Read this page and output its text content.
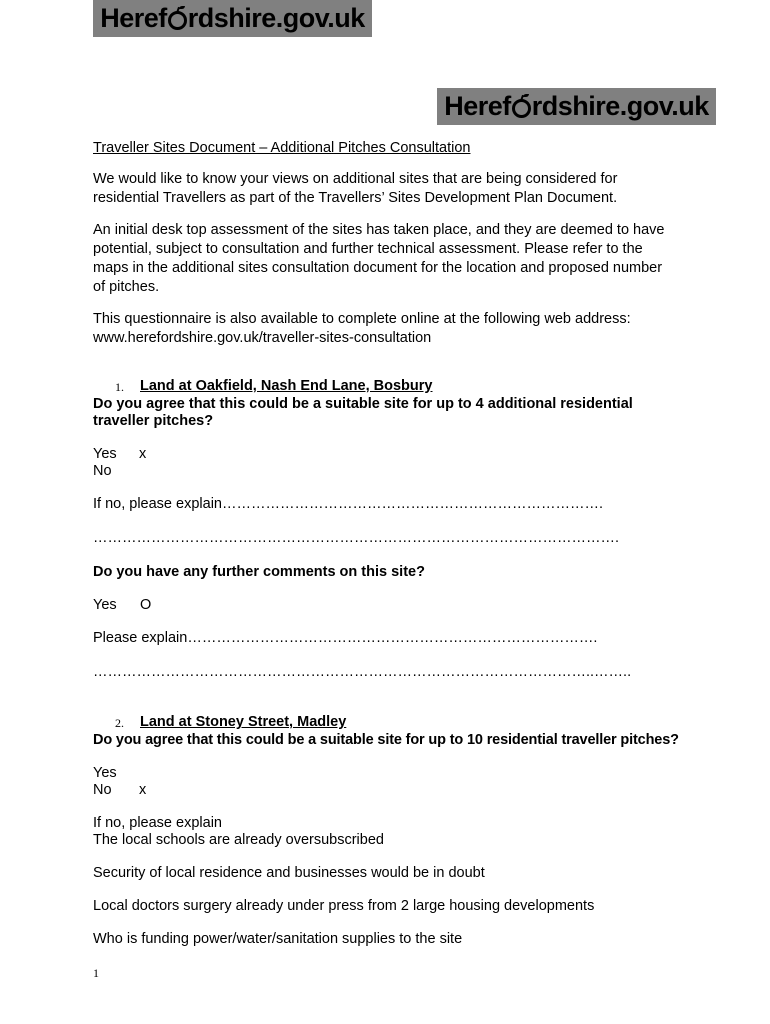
Heref rdshire.gov.uk
Heref rdshire.gov.uk
Traveller Sites Document – Additional Pitches Consultation
We would like to know your views on additional sites that are being considered for
residential Travellers as part of the Travellers’ Sites Development Plan Document.
An initial desk top assessment of the sites has taken place, and they are deemed to have
potential, subject to consultation and further technical assessment. Please refer to the
maps in the additional sites consultation document for the location and proposed number
of pitches.
This questionnaire is also available to complete online at the following web address:
www.herefordshire.gov.uk/traveller-sites-consultation
1. Land at Oakfield, Nash End Lane, Bosbury
Do you agree that this could be a suitable site for up to 4 additional residential
traveller pitches?
Yes x
No
If no, please explain…………………………………………………………………….
……………………………………………………………………………………………….
Do you have any further comments on this site?
Yes O
Please explain………………………………………………………………………….
…………………………………………………………………………………………..……..
2. Land at Stoney Street, Madley
Do you agree that this could be a suitable site for up to 10 residential traveller pitches?
Yes
No x
If no, please explain
The local schools are already oversubscribed
Security of local residence and businesses would be in doubt
Local doctors surgery already under press from 2 large housing developments
Who is funding power/water/sanitation supplies to the site
1
